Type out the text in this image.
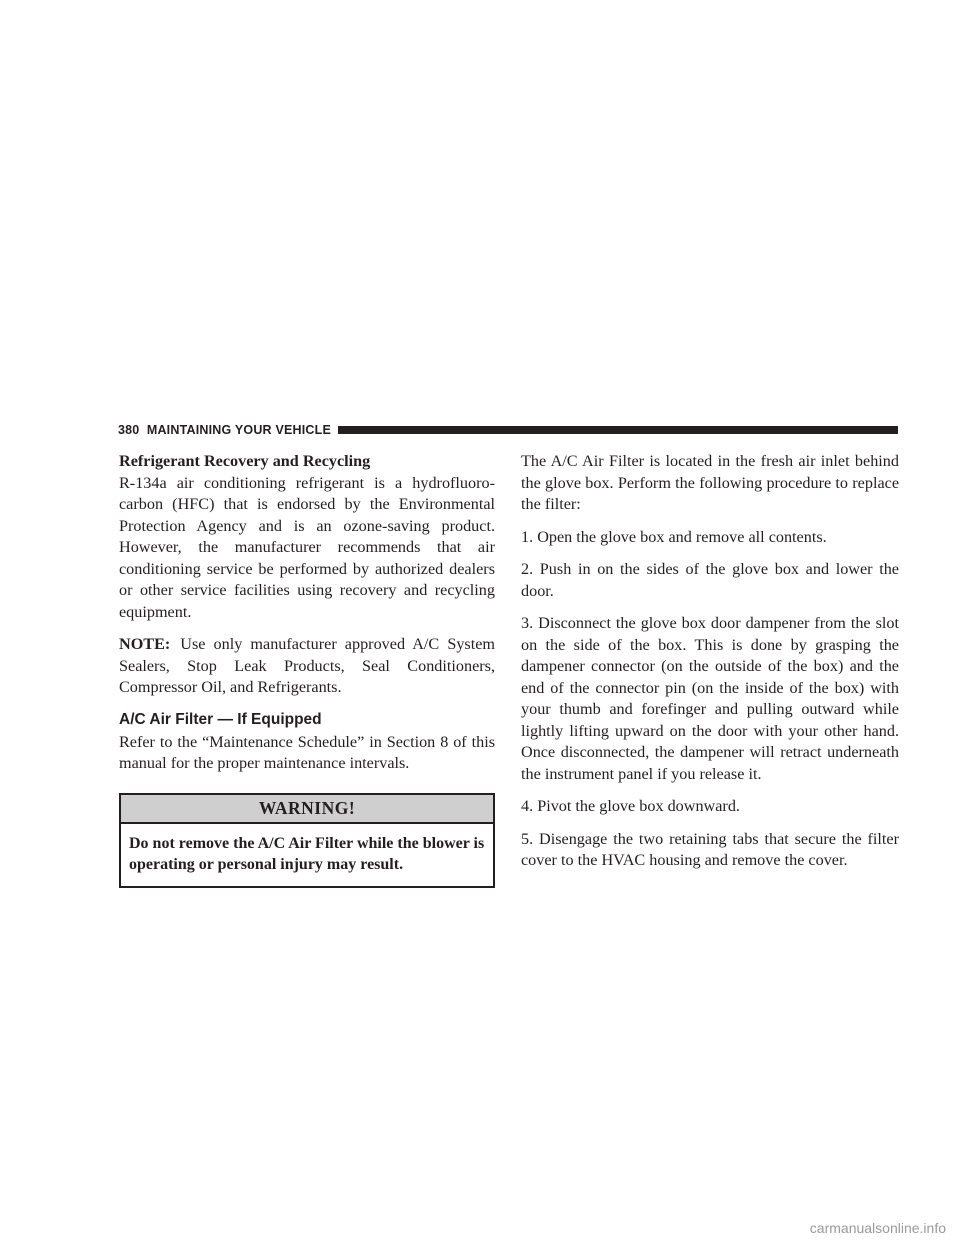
380 MAINTAINING YOUR VEHICLE
Refrigerant Recovery and Recycling

R-134a air conditioning refrigerant is a hydrofluoro-carbon (HFC) that is endorsed by the Environmental Protection Agency and is an ozone-saving product. However, the manufacturer recommends that air conditioning service be performed by authorized dealers or other service facilities using recovery and recycling equipment.

NOTE: Use only manufacturer approved A/C System Sealers, Stop Leak Products, Seal Conditioners, Compressor Oil, and Refrigerants.

A/C Air Filter — If Equipped

Refer to the “Maintenance Schedule” in Section 8 of this manual for the proper maintenance intervals.

WARNING!
Do not remove the A/C Air Filter while the blower is operating or personal injury may result.

The A/C Air Filter is located in the fresh air inlet behind the glove box. Perform the following procedure to replace the filter:

1. Open the glove box and remove all contents.

2. Push in on the sides of the glove box and lower the door.

3. Disconnect the glove box door dampener from the slot on the side of the box. This is done by grasping the dampener connector (on the outside of the box) and the end of the connector pin (on the inside of the box) with your thumb and forefinger and pulling outward while lightly lifting upward on the door with your other hand. Once disconnected, the dampener will retract underneath the instrument panel if you release it.

4. Pivot the glove box downward.

5. Disengage the two retaining tabs that secure the filter cover to the HVAC housing and remove the cover.

carmanualsonline.info
